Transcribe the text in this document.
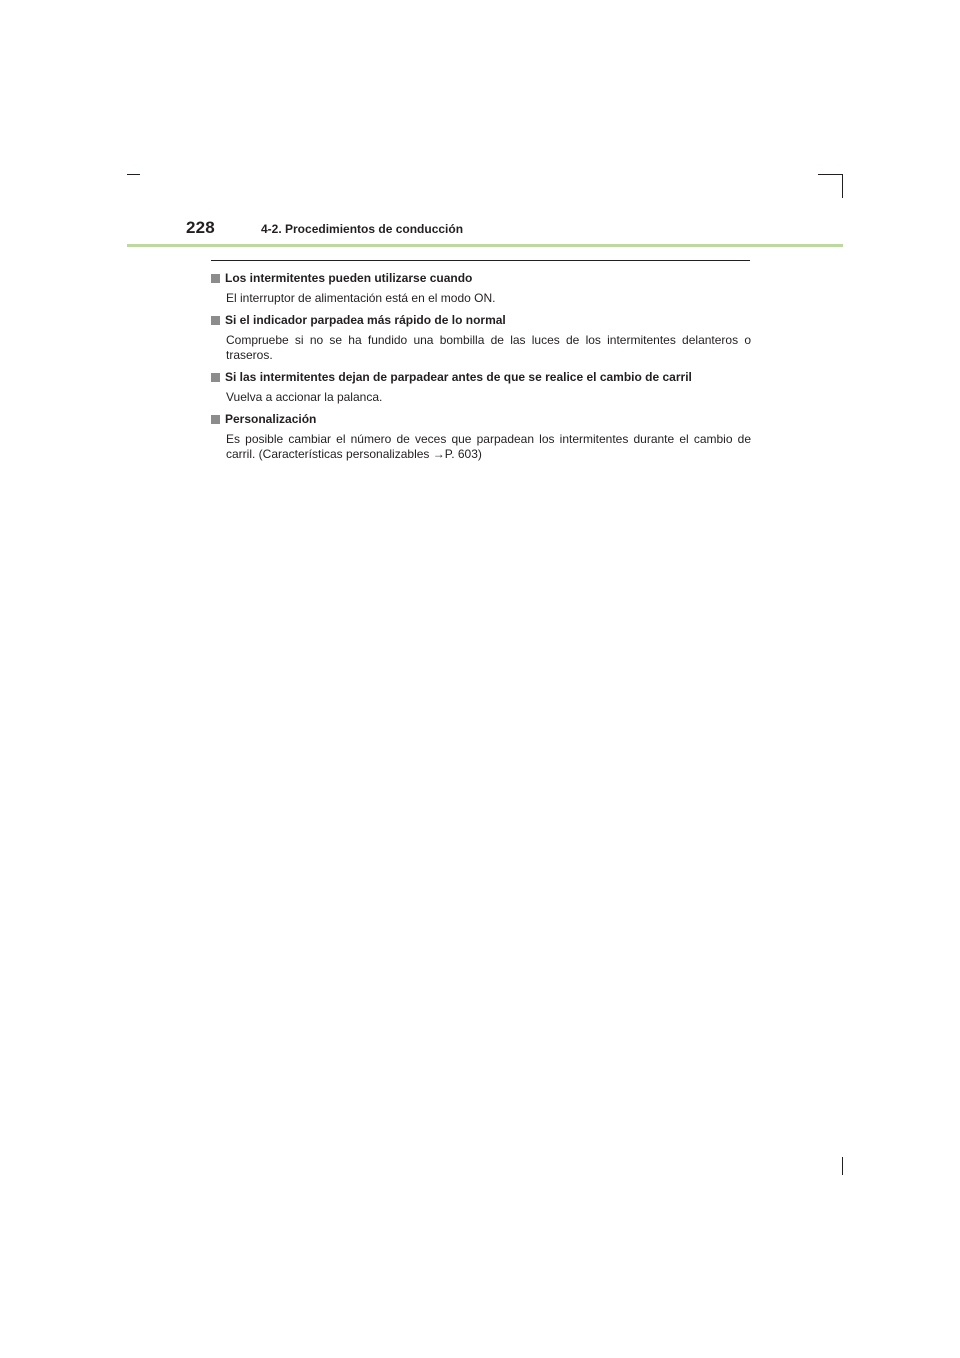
228	4-2. Procedimientos de conducción
Los intermitentes pueden utilizarse cuando
El interruptor de alimentación está en el modo ON.
Si el indicador parpadea más rápido de lo normal
Compruebe si no se ha fundido una bombilla de las luces de los intermitentes delanteros o traseros.
Si las intermitentes dejan de parpadear antes de que se realice el cambio de carril
Vuelva a accionar la palanca.
Personalización
Es posible cambiar el número de veces que parpadean los intermitentes durante el cambio de carril. (Características personalizables →P. 603)
